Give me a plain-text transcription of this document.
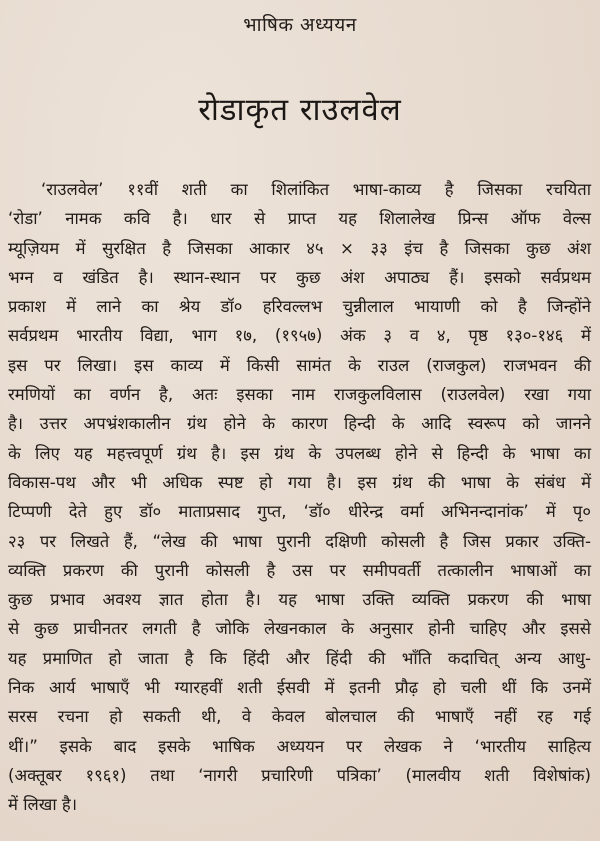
भाषिक अध्ययन
रोडाकृत राउलवेल
‘राउलवेल’ ११वीं शती का शिलांकित भाषा-काव्य है जिसका रचयिता
‘रोडा’ नामक कवि है। धार से प्राप्त यह शिलालेख प्रिन्स ऑफ वेल्स
म्यूज़ियम में सुरक्षित है जिसका आकार ४५ × ३३ इंच है जिसका कुछ अंश
भग्न व खंडित है। स्थान-स्थान पर कुछ अंश अपाठ्य हैं। इसको सर्वप्रथम
प्रकाश में लाने का श्रेय डॉ० हरिवल्लभ चुन्नीलाल भायाणी को है जिन्होंने
सर्वप्रथम भारतीय विद्या, भाग १७, (१९५७) अंक ३ व ४, पृष्ठ १३०-१४६ में
इस पर लिखा। इस काव्य में किसी सामंत के राउल (राजकुल) राजभवन की
रमणियों का वर्णन है, अतः इसका नाम राजकुलविलास (राउलवेल) रखा गया
है। उत्तर अपभ्रंशकालीन ग्रंथ होने के कारण हिन्दी के आदि स्वरूप को जानने
के लिए यह महत्त्वपूर्ण ग्रंथ है। इस ग्रंथ के उपलब्ध होने से हिन्दी के भाषा का
विकास-पथ और भी अधिक स्पष्ट हो गया है। इस ग्रंथ की भाषा के संबंध में
टिप्पणी देते हुए डॉ० माताप्रसाद गुप्त, ‘डॉ० धीरेन्द्र वर्मा अभिनन्दानांक’ में पृ०
२३ पर लिखते हैं, “लेख की भाषा पुरानी दक्षिणी कोसली है जिस प्रकार उक्ति-
व्यक्ति प्रकरण की पुरानी कोसली है उस पर समीपवर्ती तत्कालीन भाषाओं का
कुछ प्रभाव अवश्य ज्ञात होता है। यह भाषा उक्ति व्यक्ति प्रकरण की भाषा
से कुछ प्राचीनतर लगती है जोकि लेखनकाल के अनुसार होनी चाहिए और इससे
यह प्रमाणित हो जाता है कि हिंदी और हिंदी की भाँति कदाचित् अन्य आधु-
निक आर्य भाषाएँ भी ग्यारहवीं शती ईसवी में इतनी प्रौढ़ हो चली थीं कि उनमें
सरस रचना हो सकती थी, वे केवल बोलचाल की भाषाएँ नहीं रह गई
थीं।” इसके बाद इसके भाषिक अध्ययन पर लेखक ने ‘भारतीय साहित्य
(अक्तूबर १९६१) तथा ‘नागरी प्रचारिणी पत्रिका’ (मालवीय शती विशेषांक)
में लिखा है।
